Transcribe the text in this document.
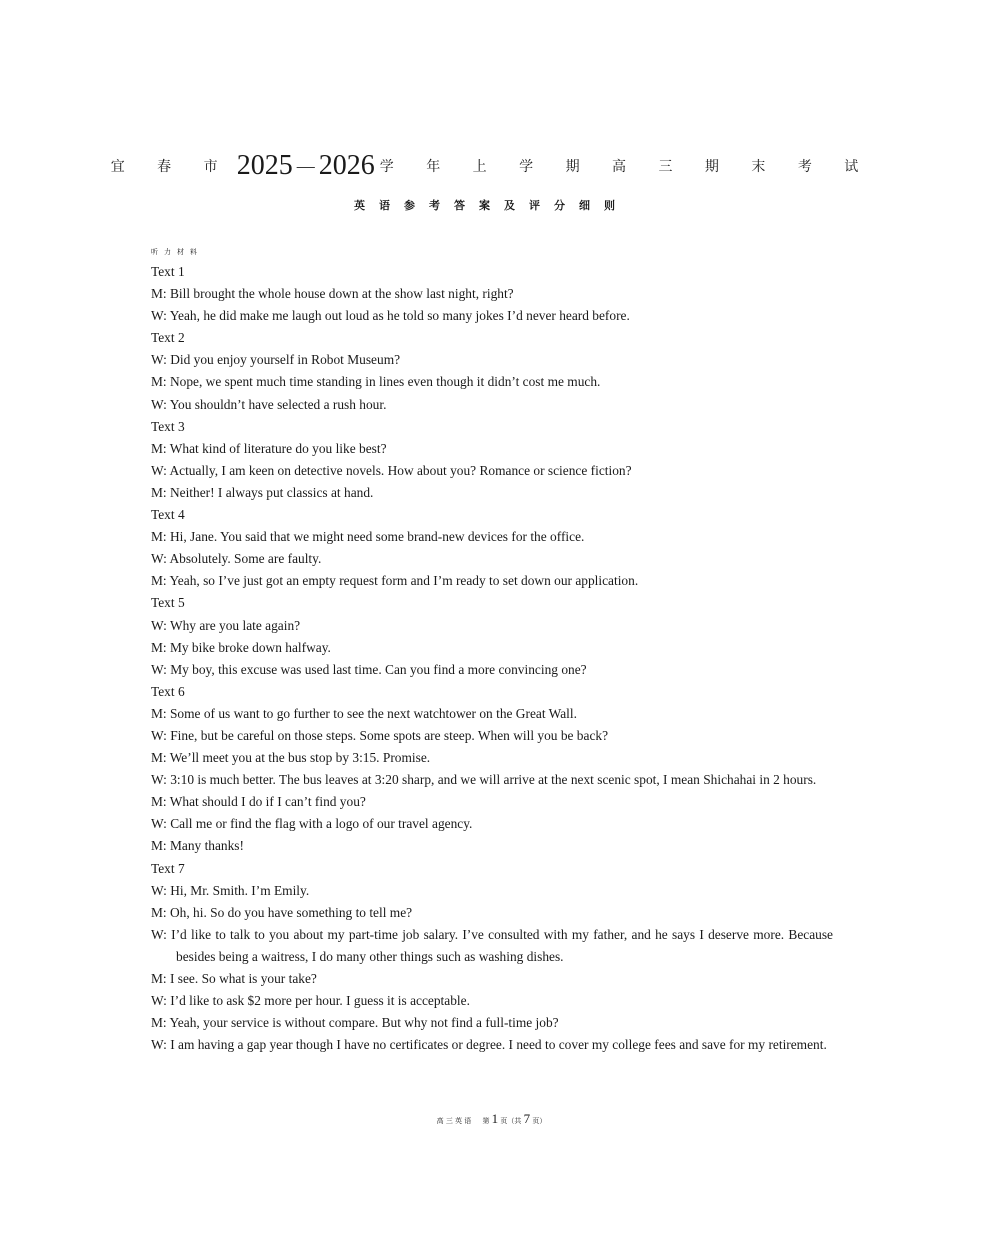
宜 春 市 2025 — 2026 学 年 上 学 期 高 三 期 末 考 试
英语参考答案及评分细则
听力材料
Text 1
M: Bill brought the whole house down at the show last night, right?
W: Yeah, he did make me laugh out loud as he told so many jokes I’d never heard before.
Text 2
W: Did you enjoy yourself in Robot Museum?
M: Nope, we spent much time standing in lines even though it didn’t cost me much.
W: You shouldn’t have selected a rush hour.
Text 3
M: What kind of literature do you like best?
W: Actually, I am keen on detective novels. How about you? Romance or science fiction?
M: Neither! I always put classics at hand.
Text 4
M: Hi, Jane. You said that we might need some brand-new devices for the office.
W: Absolutely. Some are faulty.
M: Yeah, so I’ve just got an empty request form and I’m ready to set down our application.
Text 5
W: Why are you late again?
M: My bike broke down halfway.
W: My boy, this excuse was used last time. Can you find a more convincing one?
Text 6
M: Some of us want to go further to see the next watchtower on the Great Wall.
W: Fine, but be careful on those steps. Some spots are steep. When will you be back?
M: We’ll meet you at the bus stop by 3:15. Promise.
W: 3:10 is much better. The bus leaves at 3:20 sharp, and we will arrive at the next scenic spot, I mean Shichahai in 2 hours.
M: What should I do if I can’t find you?
W: Call me or find the flag with a logo of our travel agency.
M: Many thanks!
Text 7
W: Hi, Mr. Smith. I’m Emily.
M: Oh, hi. So do you have something to tell me?
W: I’d like to talk to you about my part-time job salary. I’ve consulted with my father, and he says I deserve more. Because besides being a waitress, I do many other things such as washing dishes.
M: I see. So what is your take?
W: I’d like to ask $2 more per hour. I guess it is acceptable.
M: Yeah, your service is without compare. But why not find a full-time job?
W: I am having a gap year though I have no certificates or degree. I need to cover my college fees and save for my retirement.
高 三 英 语 第 1 页（共 7 页）
